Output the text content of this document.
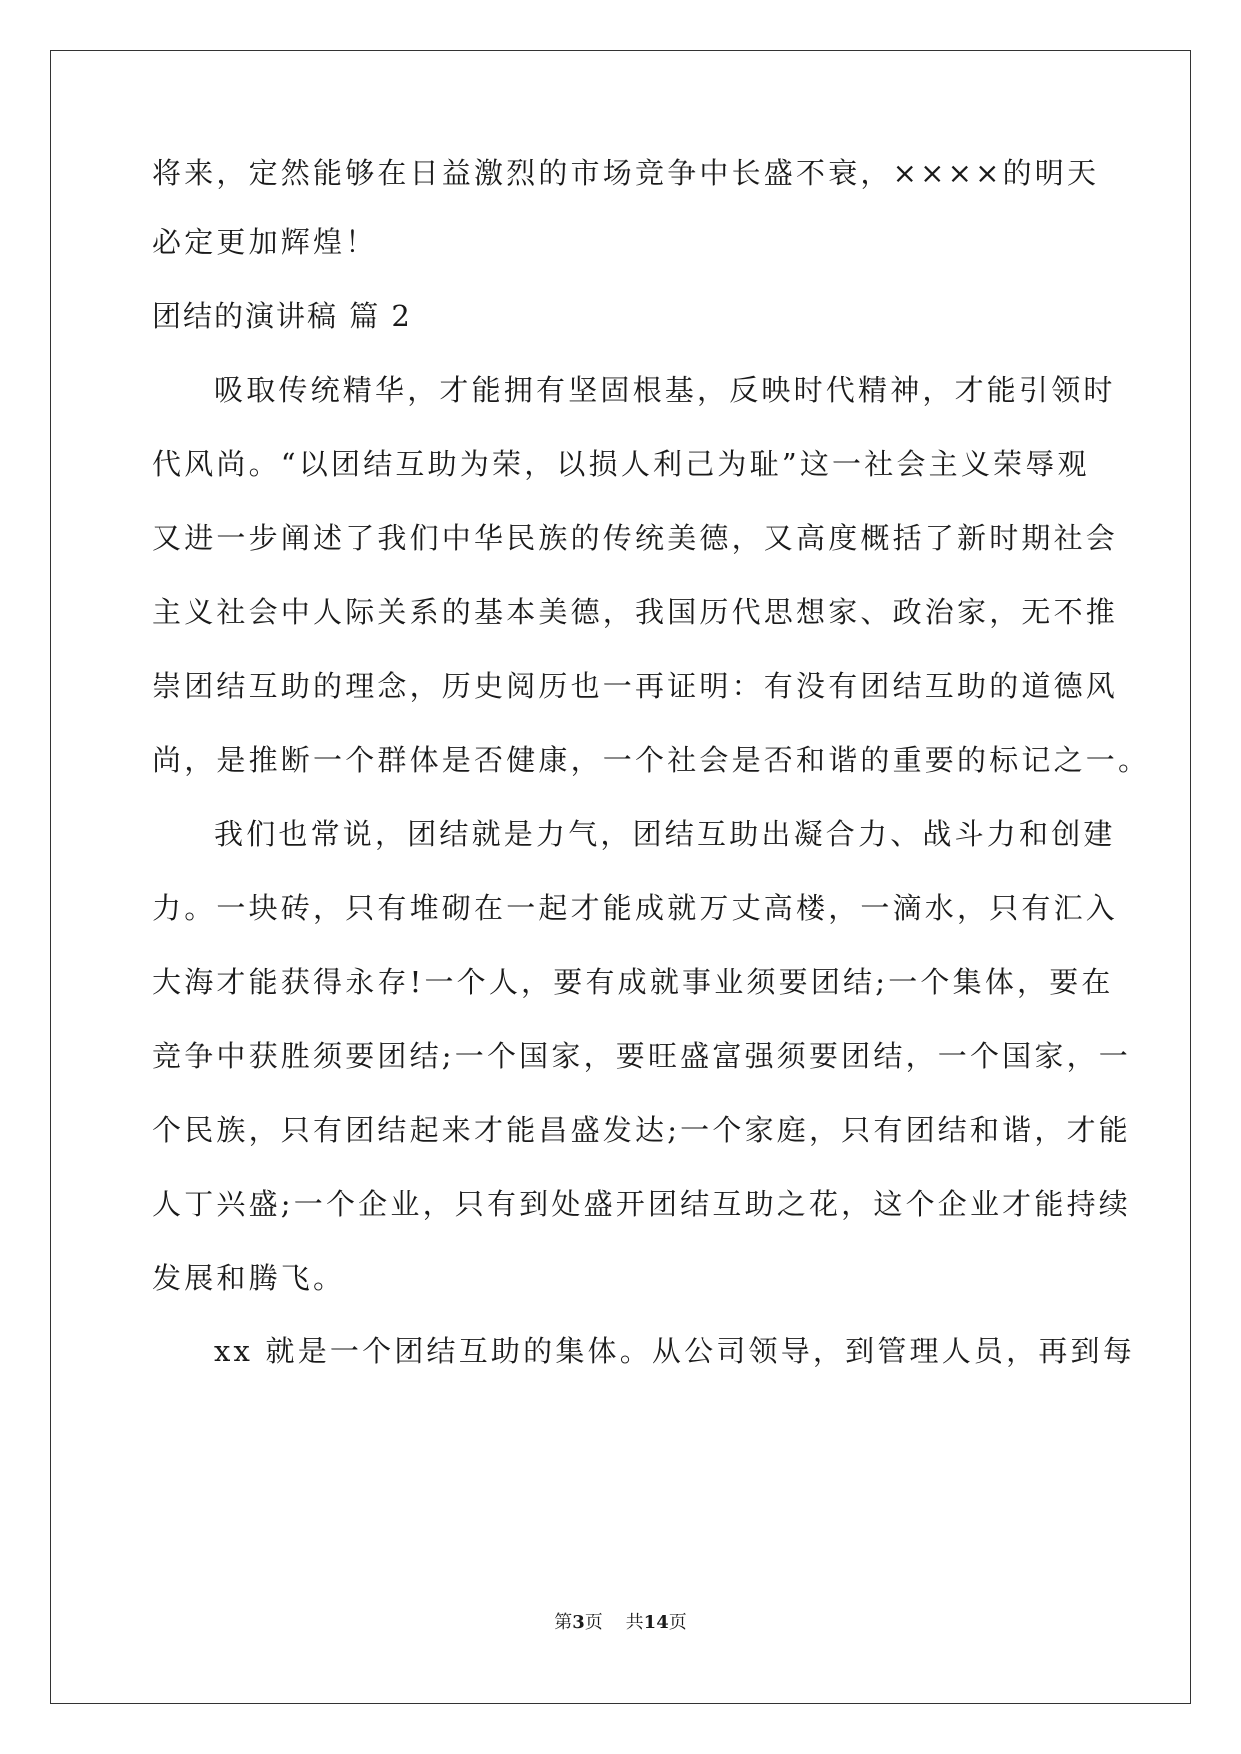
将来，定然能够在日益激烈的市场竞争中长盛不衰，××××的明天
必定更加辉煌！
团结的演讲稿 篇 2
吸取传统精华，才能拥有坚固根基，反映时代精神，才能引领时
代风尚。“以团结互助为荣，以损人利己为耻”这一社会主义荣辱观
又进一步阐述了我们中华民族的传统美德，又高度概括了新时期社会
主义社会中人际关系的基本美德，我国历代思想家、政治家，无不推
崇团结互助的理念，历史阅历也一再证明：有没有团结互助的道德风
尚，是推断一个群体是否健康，一个社会是否和谐的重要的标记之一。
我们也常说，团结就是力气，团结互助出凝合力、战斗力和创建
力。一块砖，只有堆砌在一起才能成就万丈高楼，一滴水，只有汇入
大海才能获得永存!一个人，要有成就事业须要团结;一个集体，要在
竞争中获胜须要团结;一个国家，要旺盛富强须要团结，一个国家，一
个民族，只有团结起来才能昌盛发达;一个家庭，只有团结和谐，才能
人丁兴盛;一个企业，只有到处盛开团结互助之花，这个企业才能持续
发展和腾飞。
xx 就是一个团结互助的集体。从公司领导，到管理人员，再到每
第3页 共14页
